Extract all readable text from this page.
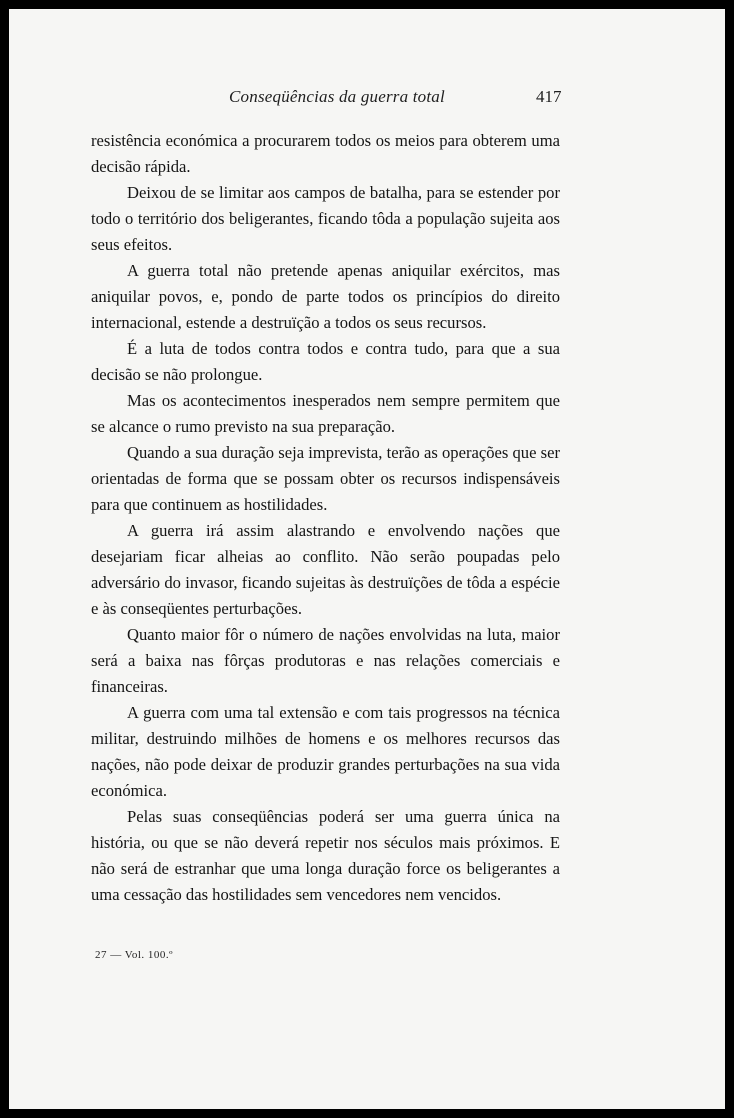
Conseqüências da guerra total	417

resistência económica a procurarem todos os meios para obterem uma decisão rápida.

Deixou de se limitar aos campos de batalha, para se estender por todo o território dos beligerantes, ficando tôda a população sujeita aos seus efeitos.

A guerra total não pretende apenas aniquilar exércitos, mas aniquilar povos, e, pondo de parte todos os princípios do direito internacional, estende a destruïção a todos os seus recursos.

É a luta de todos contra todos e contra tudo, para que a sua decisão se não prolongue.

Mas os acontecimentos inesperados nem sempre permitem que se alcance o rumo previsto na sua preparação.

Quando a sua duração seja imprevista, terão as operações que ser orientadas de forma que se possam obter os recursos indispensáveis para que continuem as hostilidades.

A guerra irá assim alastrando e envolvendo nações que desejariam ficar alheias ao conflito. Não serão poupadas pelo adversário do invasor, ficando sujeitas às destruïções de tôda a espécie e às conseqüentes perturbações.

Quanto maior fôr o número de nações envolvidas na luta, maior será a baixa nas fôrças produtoras e nas relações comerciais e financeiras.

A guerra com uma tal extensão e com tais progressos na técnica militar, destruindo milhões de homens e os melhores recursos das nações, não pode deixar de produzir grandes perturbações na sua vida económica.

Pelas suas conseqüências poderá ser uma guerra única na história, ou que se não deverá repetir nos séculos mais próximos. E não será de estranhar que uma longa duração force os beligerantes a uma cessação das hostilidades sem vencedores nem vencidos.

27 — Vol. 100.º
